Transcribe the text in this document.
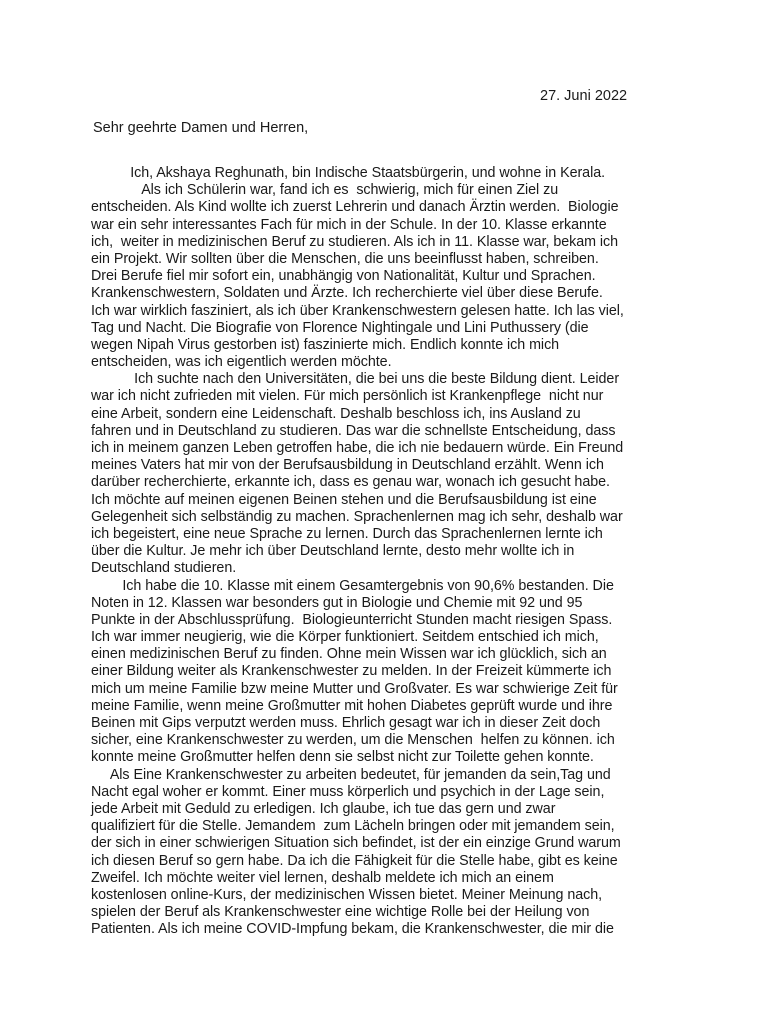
27. Juni 2022
Sehr geehrte Damen und Herren,
Ich, Akshaya Reghunath, bin Indische Staatsbürgerin, und wohne in Kerala.
Als ich Schülerin war, fand ich es  schwierig, mich für einen Ziel zu
entscheiden. Als Kind wollte ich zuerst Lehrerin und danach Ärztin werden.  Biologie
war ein sehr interessantes Fach für mich in der Schule. In der 10. Klasse erkannte
ich,  weiter in medizinischen Beruf zu studieren. Als ich in 11. Klasse war, bekam ich
ein Projekt. Wir sollten über die Menschen, die uns beeinflusst haben, schreiben.
Drei Berufe fiel mir sofort ein, unabhängig von Nationalität, Kultur und Sprachen.
Krankenschwestern, Soldaten und Ärzte. Ich recherchierte viel über diese Berufe.
Ich war wirklich fasziniert, als ich über Krankenschwestern gelesen hatte. Ich las viel,
Tag und Nacht. Die Biografie von Florence Nightingale und Lini Puthussery (die
wegen Nipah Virus gestorben ist) faszinierte mich. Endlich konnte ich mich
entscheiden, was ich eigentlich werden möchte.
Ich suchte nach den Universitäten, die bei uns die beste Bildung dient. Leider
war ich nicht zufrieden mit vielen. Für mich persönlich ist Krankenpflege  nicht nur
eine Arbeit, sondern eine Leidenschaft. Deshalb beschloss ich, ins Ausland zu
fahren und in Deutschland zu studieren. Das war die schnellste Entscheidung, dass
ich in meinem ganzen Leben getroffen habe, die ich nie bedauern würde. Ein Freund
meines Vaters hat mir von der Berufsausbildung in Deutschland erzählt. Wenn ich
darüber recherchierte, erkannte ich, dass es genau war, wonach ich gesucht habe.
Ich möchte auf meinen eigenen Beinen stehen und die Berufsausbildung ist eine
Gelegenheit sich selbständig zu machen. Sprachenlernen mag ich sehr, deshalb war
ich begeistert, eine neue Sprache zu lernen. Durch das Sprachenlernen lernte ich
über die Kultur. Je mehr ich über Deutschland lernte, desto mehr wollte ich in
Deutschland studieren.
Ich habe die 10. Klasse mit einem Gesamtergebnis von 90,6% bestanden. Die
Noten in 12. Klassen war besonders gut in Biologie und Chemie mit 92 und 95
Punkte in der Abschlussprüfung.  Biologieunterricht Stunden macht riesigen Spass.
Ich war immer neugierig, wie die Körper funktioniert. Seitdem entschied ich mich,
einen medizinischen Beruf zu finden. Ohne mein Wissen war ich glücklich, sich an
einer Bildung weiter als Krankenschwester zu melden. In der Freizeit kümmerte ich
mich um meine Familie bzw meine Mutter und Großvater. Es war schwierige Zeit für
meine Familie, wenn meine Großmutter mit hohen Diabetes geprüft wurde und ihre
Beinen mit Gips verputzt werden muss. Ehrlich gesagt war ich in dieser Zeit doch
sicher, eine Krankenschwester zu werden, um die Menschen  helfen zu können. ich
konnte meine Großmutter helfen denn sie selbst nicht zur Toilette gehen konnte.
Als Eine Krankenschwester zu arbeiten bedeutet, für jemanden da sein,Tag und
Nacht egal woher er kommt. Einer muss körperlich und psychich in der Lage sein,
jede Arbeit mit Geduld zu erledigen. Ich glaube, ich tue das gern und zwar
qualifiziert für die Stelle. Jemandem  zum Lächeln bringen oder mit jemandem sein,
der sich in einer schwierigen Situation sich befindet, ist der ein einzige Grund warum
ich diesen Beruf so gern habe. Da ich die Fähigkeit für die Stelle habe, gibt es keine
Zweifel. Ich möchte weiter viel lernen, deshalb meldete ich mich an einem
kostenlosen online-Kurs, der medizinischen Wissen bietet. Meiner Meinung nach,
spielen der Beruf als Krankenschwester eine wichtige Rolle bei der Heilung von
Patienten. Als ich meine COVID-Impfung bekam, die Krankenschwester, die mir die
